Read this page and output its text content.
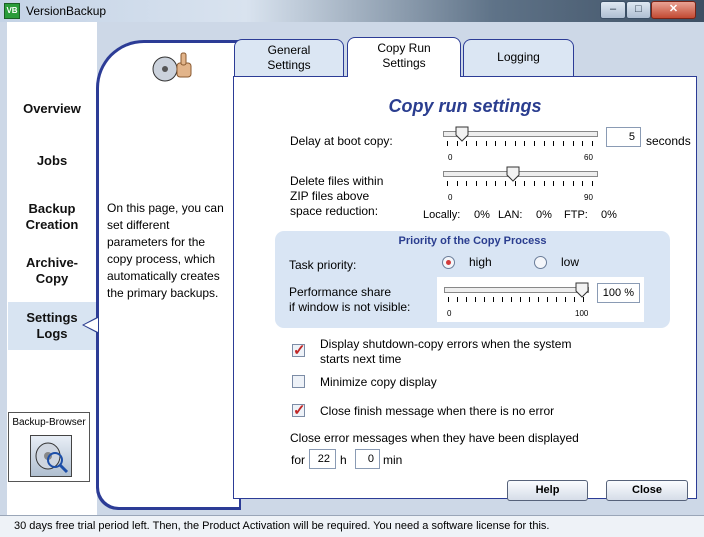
VB VersionBackup	‒	□	✕
Overview
Jobs
Backup
Creation
Archive-
Copy
Settings
Logs
Backup-Browser
On this page, you can set different parameters for the copy process, which automatically creates the primary backups.
General
Settings
Logging
Copy run settings
Delay at boot copy:
0	60
5 seconds
Delete files within
ZIP files above
space reduction:
0	90
Locally: 0% LAN: 0% FTP: 0%
Priority of the Copy Process
Task priority:	high	low
Performance share
if window is not visible:	0	100
100 %
✓
Display shutdown-copy errors when the system
starts next time
Minimize copy display
✓
Close finish message when there is no error
Close error messages when they have been displayed
for	22 h	0 min
Help	Close
Copy Run
Settings
30 days free trial period left. Then, the Product Activation will be required. You need a software license for this.
